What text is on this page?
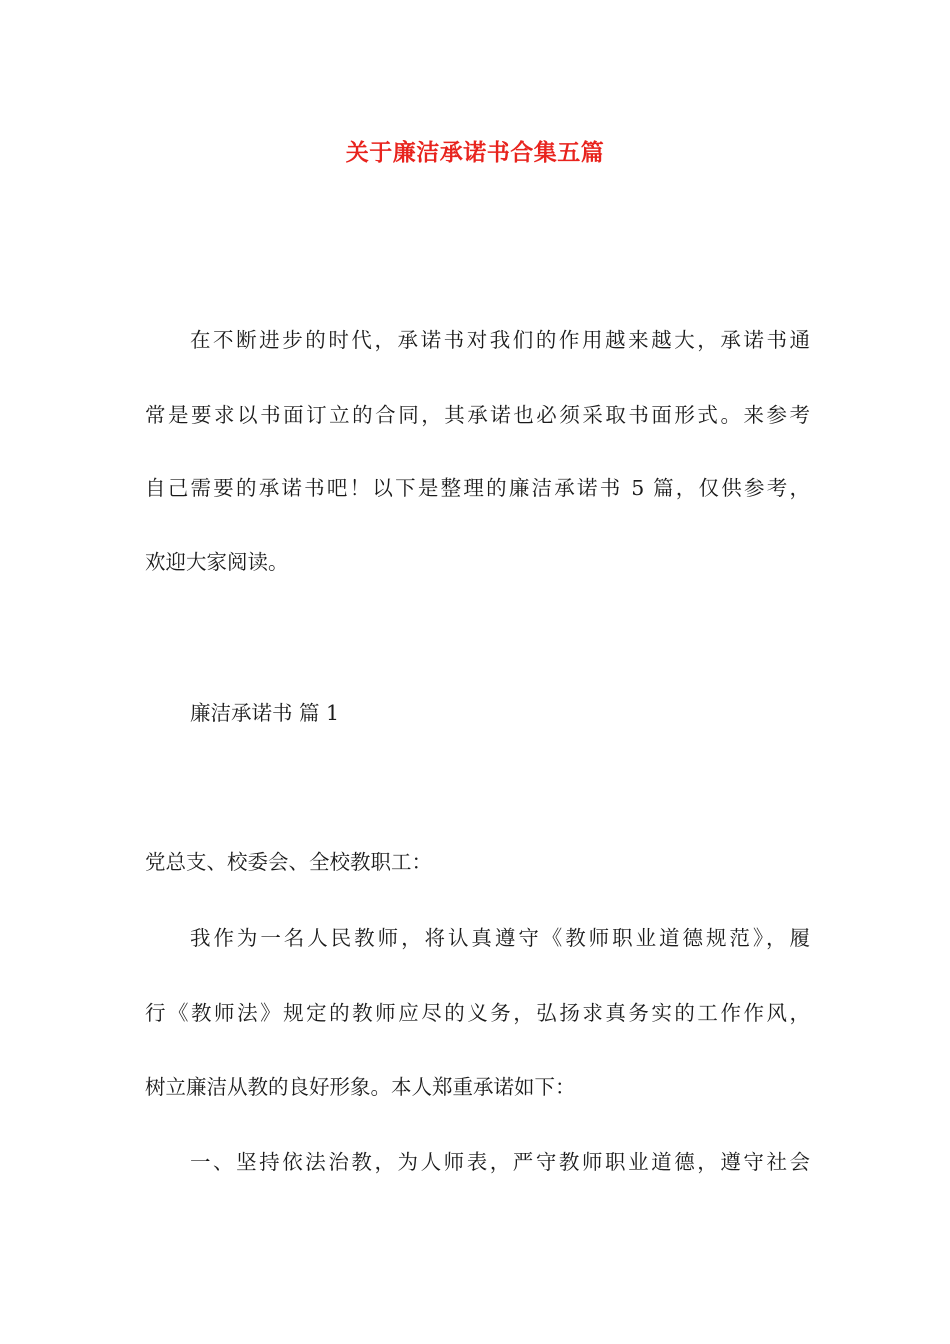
关于廉洁承诺书合集五篇

在不断进步的时代，承诺书对我们的作用越来越大，承诺书通

常是要求以书面订立的合同，其承诺也必须采取书面形式。来参考

自己需要的承诺书吧！以下是整理的廉洁承诺书 5 篇，仅供参考，

欢迎大家阅读。

廉洁承诺书 篇 1

党总支、校委会、全校教职工：

我作为一名人民教师，将认真遵守《教师职业道德规范》，履

行《教师法》规定的教师应尽的义务，弘扬求真务实的工作作风，

树立廉洁从教的良好形象。本人郑重承诺如下：

一、坚持依法治教，为人师表，严守教师职业道德，遵守社会
